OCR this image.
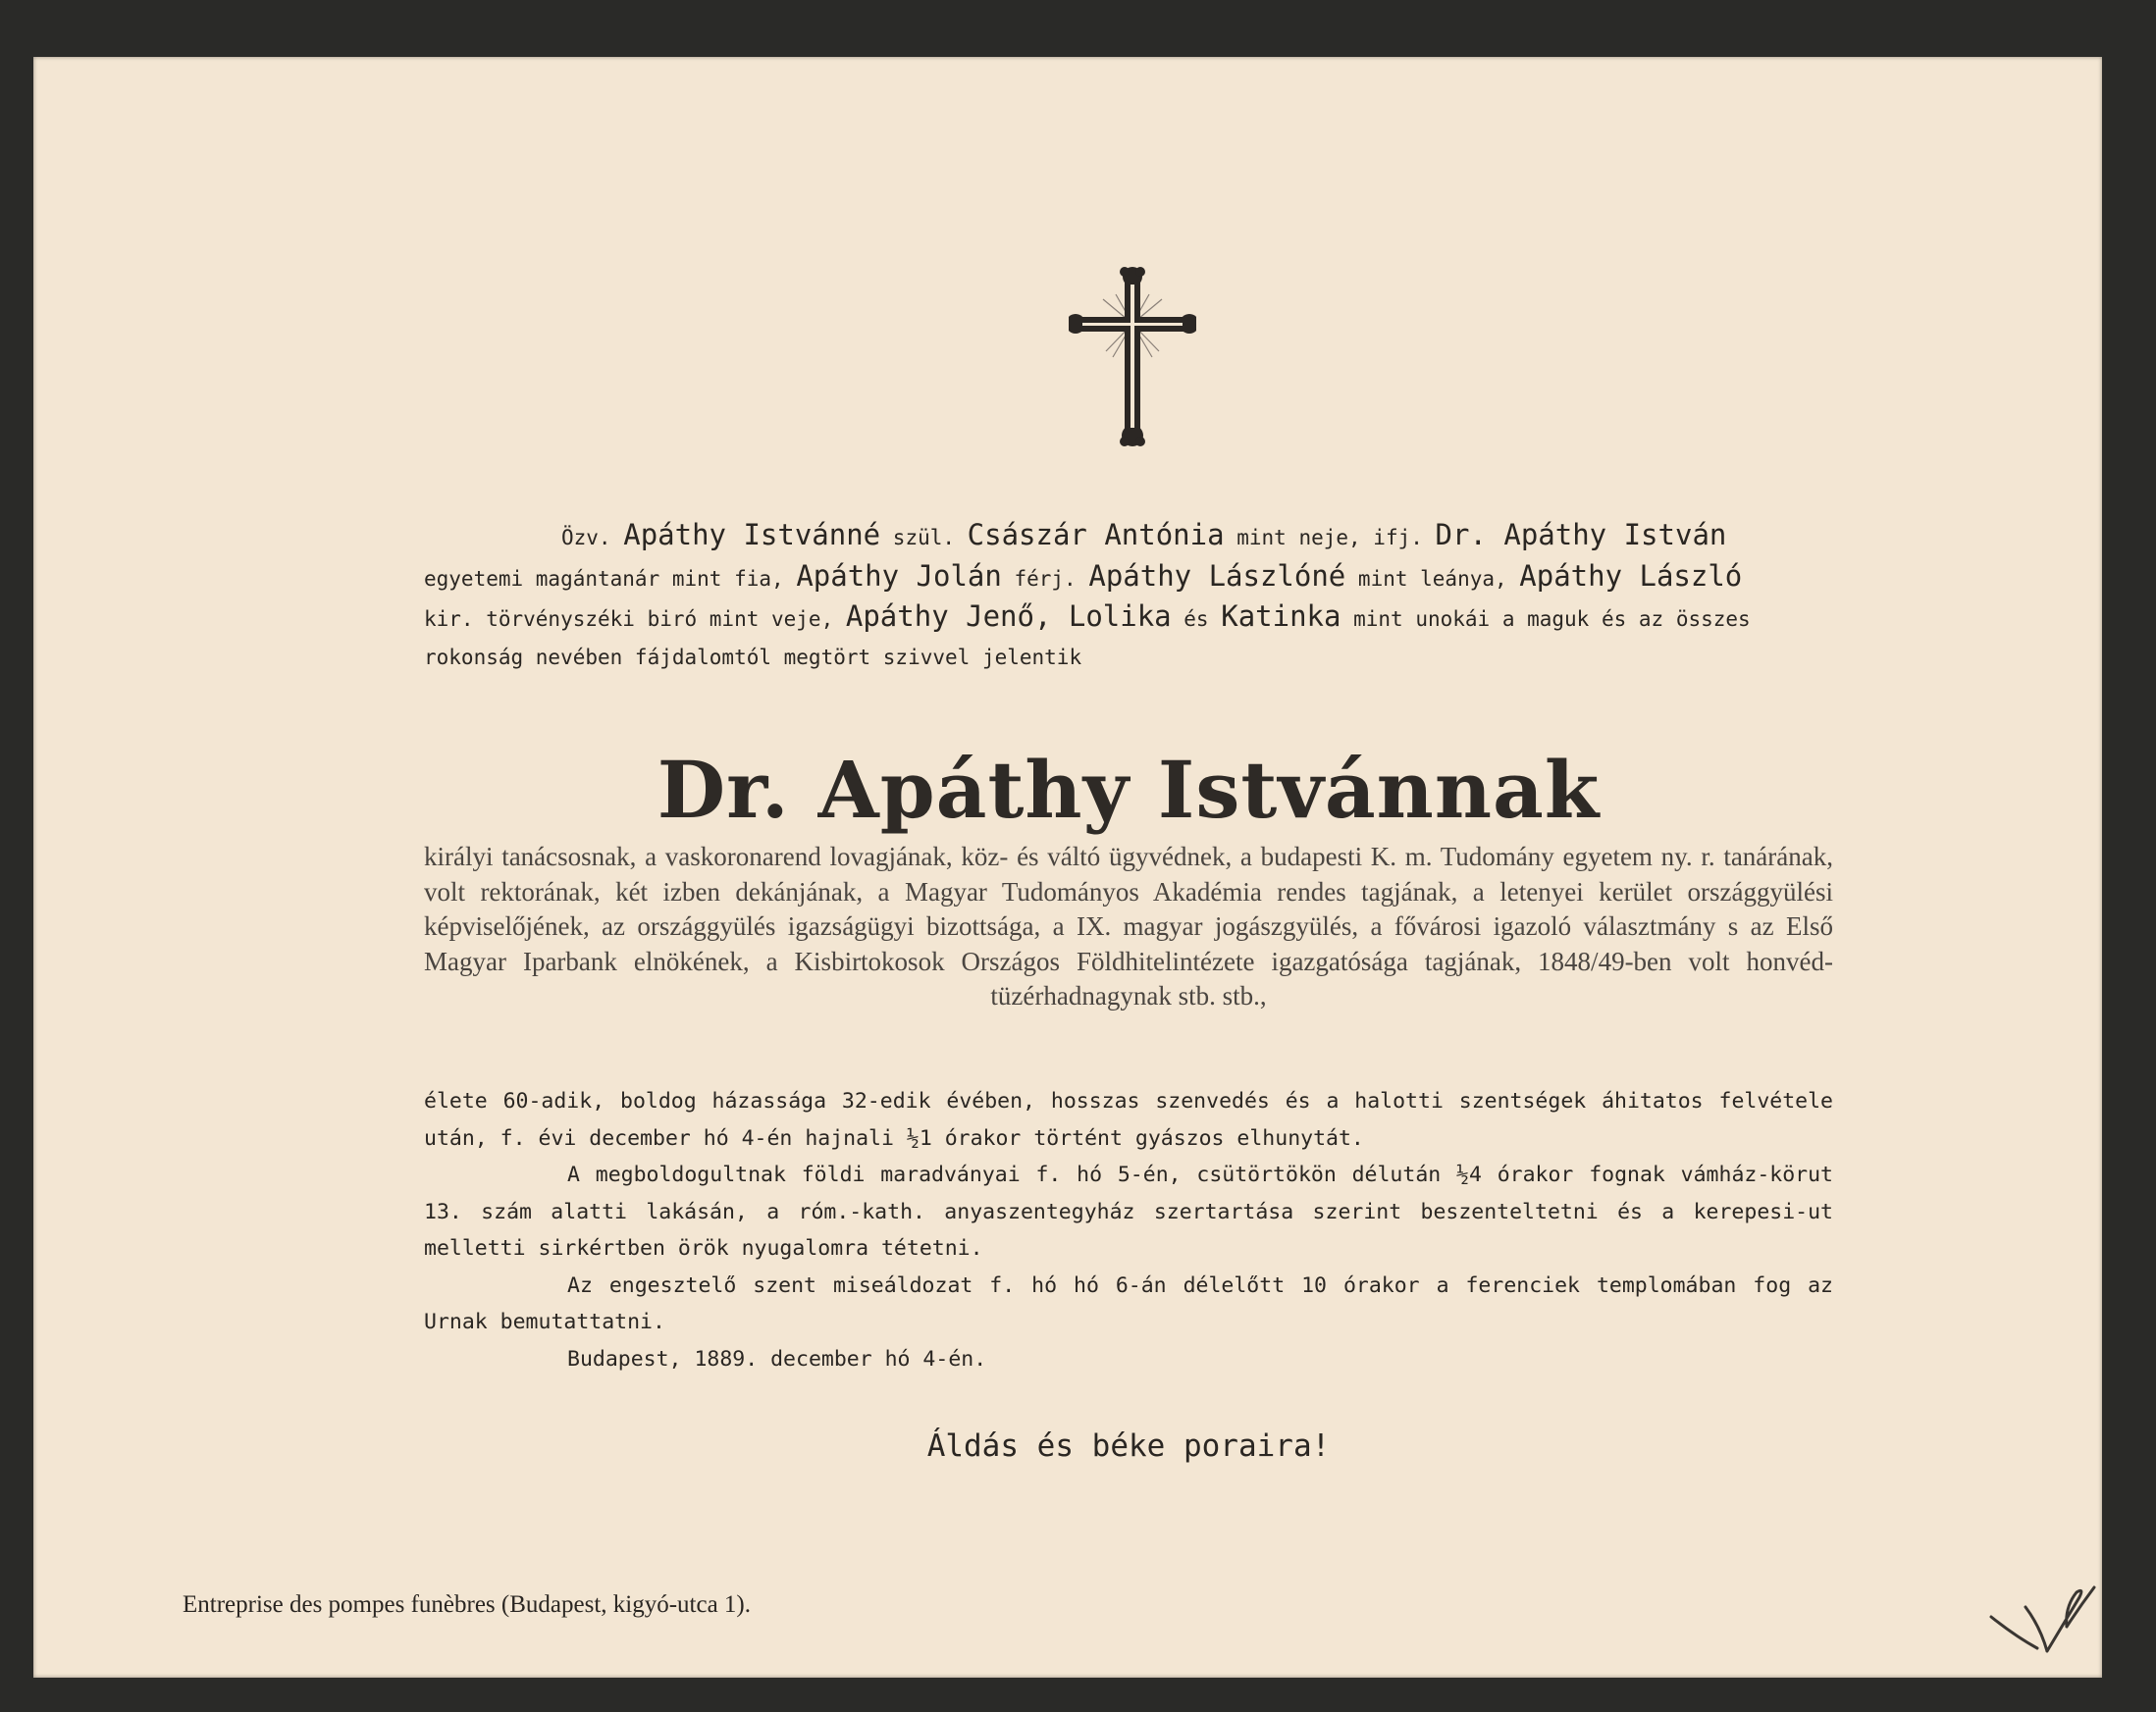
Özv. Apáthy Istvánné szül. Császár Antónia mint neje, ifj. Dr. Apáthy István
egyetemi magántanár mint fia, Apáthy Jolán férj. Apáthy Lászlóné mint leánya, Apáthy László
kir. törvényszéki biró mint veje, Apáthy Jenő, Lolika és Katinka mint unokái a maguk és az összes
rokonság nevében fájdalomtól megtört szivvel jelentik
Dr. Apáthy Istvánnak
királyi tanácsosnak, a vaskoronarend lovagjának, köz- és váltó ügyvédnek, a budapesti K. m. Tudomány egyetem ny. r. tanárának, volt rektorának, két izben dekánjának, a Magyar Tudományos Akadémia rendes tagjának, a letenyei kerület országgyülési képviselőjének, az országgyülés igazságügyi bizottsága, a IX. magyar jogászgyülés, a fővárosi igazoló választmány s az Első Magyar Iparbank elnökének, a Kisbirtokosok Országos Földhitelintézete igazgatósága tagjának, 1848/49-ben volt honvéd-tüzérhadnagynak stb. stb.,
élete 60-adik, boldog házassága 32-edik évében, hosszas szenvedés és a halotti szentségek áhitatos felvétele után, f. évi december hó 4-én hajnali ½1 órakor történt gyászos elhunytát.
A megboldogultnak földi maradványai f. hó 5-én, csütörtökön délután ½4 órakor fognak vámház-körut 13. szám alatti lakásán, a róm.-kath. anyaszentegyház szertartása szerint beszenteltetni és a kerepesi-ut melletti sirkértben örök nyugalomra tétetni.
Az engesztelő szent miseáldozat f. hó hó 6-án délelőtt 10 órakor a ferenciek templomában fog az Urnak bemutattatni.
Budapest, 1889. december hó 4-én.
Áldás és béke poraira!
Entreprise des pompes funèbres (Budapest, kigyó-utca 1).
